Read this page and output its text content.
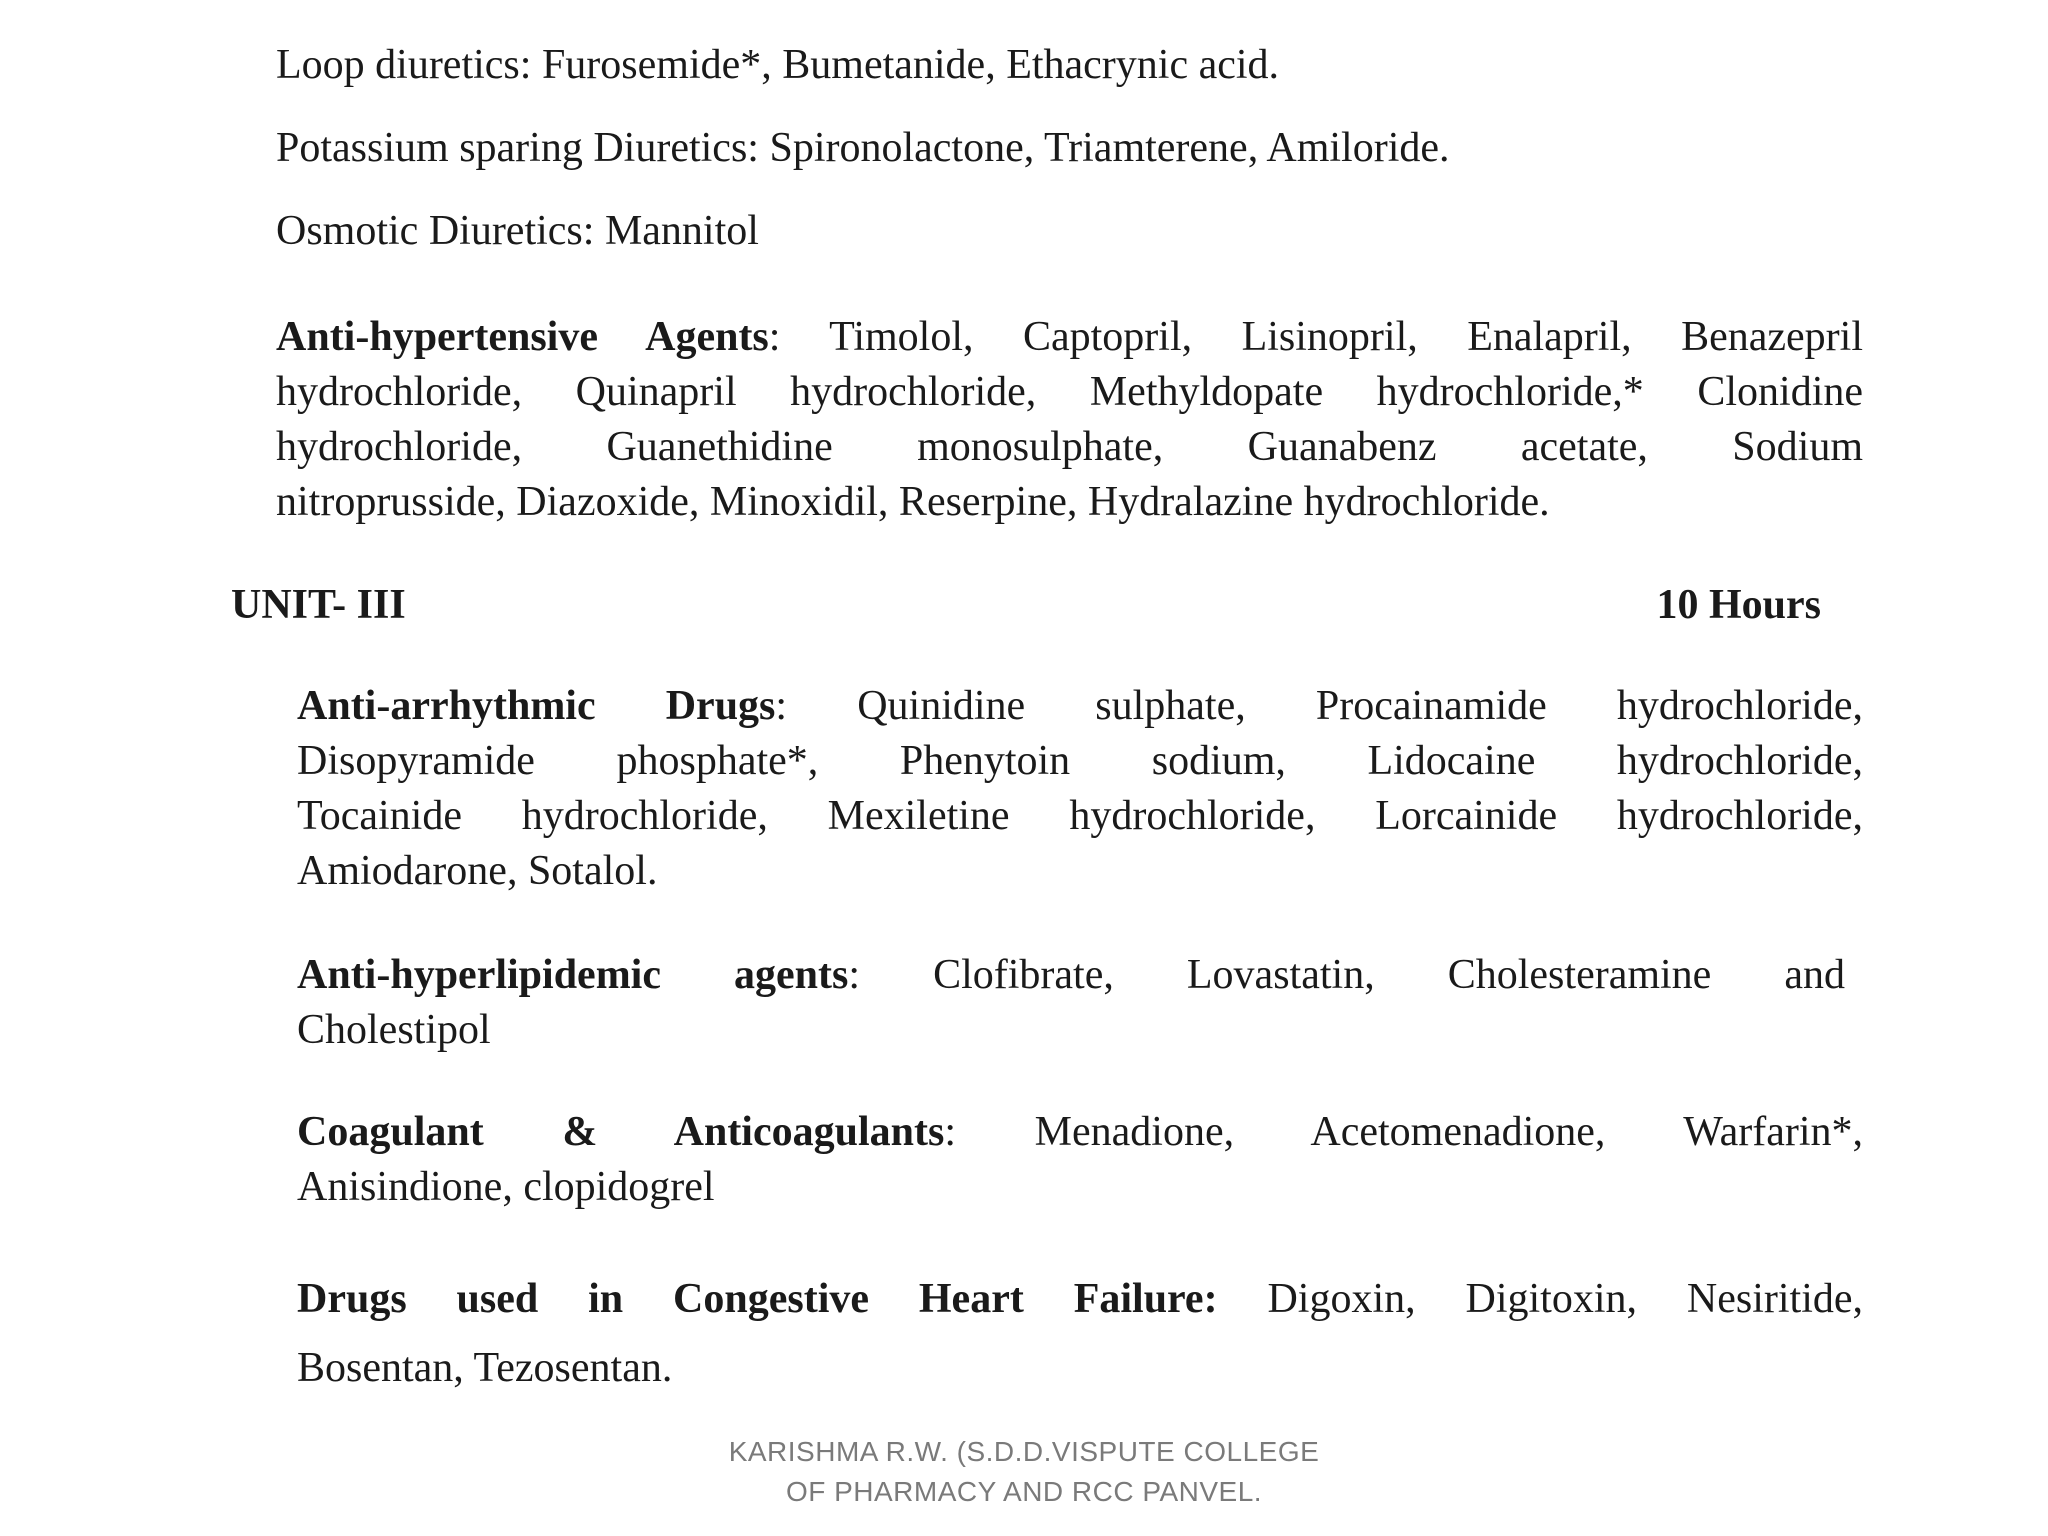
Loop diuretics: Furosemide*, Bumetanide, Ethacrynic acid.

Potassium sparing Diuretics: Spironolactone, Triamterene, Amiloride.

Osmotic Diuretics: Mannitol

Anti-hypertensive Agents: Timolol, Captopril, Lisinopril, Enalapril, Benazepril
hydrochloride, Quinapril hydrochloride, Methyldopate hydrochloride,* Clonidine
hydrochloride, Guanethidine monosulphate, Guanabenz acetate, Sodium
nitroprusside, Diazoxide, Minoxidil, Reserpine, Hydralazine hydrochloride.
UNIT- III	10 Hours
Anti-arrhythmic Drugs: Quinidine sulphate, Procainamide hydrochloride,
Disopyramide phosphate*, Phenytoin sodium, Lidocaine hydrochloride,
Tocainide hydrochloride, Mexiletine hydrochloride, Lorcainide hydrochloride,
Amiodarone, Sotalol.
Anti-hyperlipidemic agents: Clofibrate, Lovastatin, Cholesteramine and
Cholestipol
Coagulant & Anticoagulants: Menadione, Acetomenadione, Warfarin*,
Anisindione, clopidogrel
Drugs used in Congestive Heart Failure: Digoxin, Digitoxin, Nesiritide,
Bosentan, Tezosentan.
KARISHMA R.W. (S.D.D.VISPUTE COLLEGE
OF PHARMACY AND RCC PANVEL.
